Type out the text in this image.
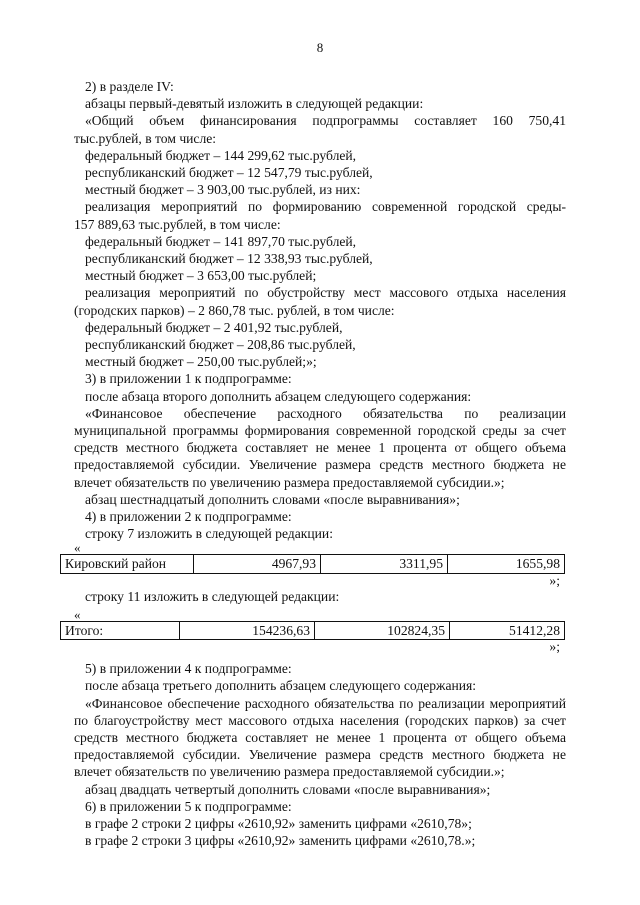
8

2) в разделе IV:

абзацы первый-девятый изложить в следующей редакции:

«Общий объем финансирования подпрограммы составляет 160 750,41

тыс.рублей, в том числе:

федеральный бюджет – 144 299,62 тыс.рублей,

республиканский бюджет – 12 547,79 тыс.рублей,

местный бюджет – 3 903,00 тыс.рублей, из них:

реализация мероприятий по формированию современной городской среды-

157 889,63 тыс.рублей, в том числе:

федеральный бюджет – 141 897,70 тыс.рублей,

республиканский бюджет – 12 338,93 тыс.рублей,

местный бюджет – 3 653,00 тыс.рублей;

реализация мероприятий по обустройству мест массового отдыха населения

(городских парков) – 2 860,78 тыс. рублей, в том числе:

федеральный бюджет – 2 401,92 тыс.рублей,

республиканский бюджет – 208,86 тыс.рублей,

местный бюджет – 250,00 тыс.рублей;»;

3) в приложении 1 к подпрограмме:

после абзаца второго дополнить абзацем следующего содержания:

«Финансовое обеспечение расходного обязательства по реализации муниципальной программы формирования современной городской среды за счет средств местного бюджета составляет не менее 1 процента от общего объема предоставляемой субсидии. Увеличение размера средств местного бюджета не влечет обязательств по увеличению размера предоставляемой субсидии.»;

абзац шестнадцатый дополнить словами «после выравнивания»;

4) в приложении 2 к подпрограмме:

строку 7 изложить в следующей редакции:

«

Кировский район	4967,93	3311,95	1655,98

»;

строку 11 изложить в следующей редакции:

«

Итого:	154236,63	102824,35	51412,28

»;

5) в приложении 4 к подпрограмме:

после абзаца третьего дополнить абзацем следующего содержания:

«Финансовое обеспечение расходного обязательства по реализации мероприятий по благоустройству мест массового отдыха населения (городских парков) за счет средств местного бюджета составляет не менее 1 процента от общего объема предоставляемой субсидии. Увеличение размера средств местного бюджета не влечет обязательств по увеличению размера предоставляемой субсидии.»;

абзац двадцать четвертый дополнить словами «после выравнивания»;

6) в приложении 5 к подпрограмме:

в графе 2 строки 2 цифры «2610,92» заменить цифрами «2610,78»;

в графе 2 строки 3 цифры «2610,92» заменить цифрами «2610,78.»;
